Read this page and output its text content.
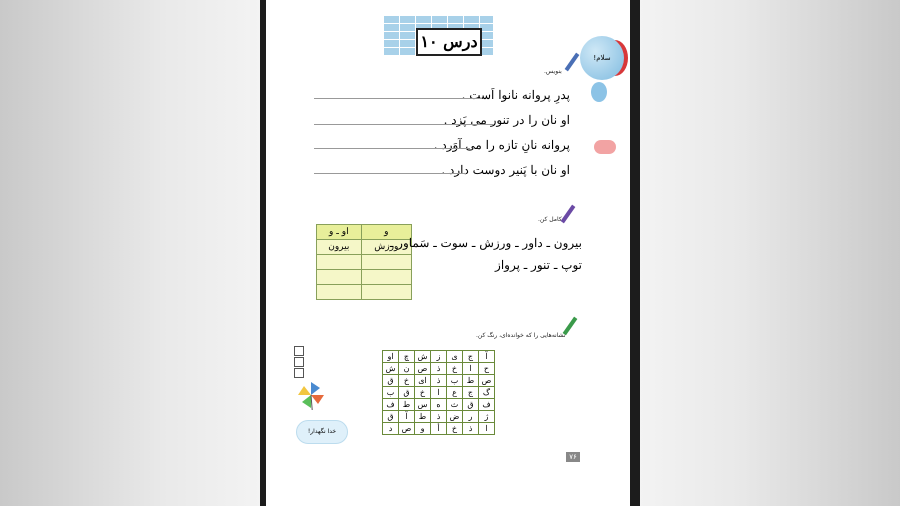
درس ۱۰
سلام!
بنویس.
پدرِ پروانه نانوا اَست .
او نان را در تنور می پَزد .
پروانه نانِ تازه را می آوَرد .
او نان با پَنیر دوست دارد .
کامل کن.
او ـ و	و
بیرون	ورزش

بیرون ـ داور ـ ورزش ـ سوت ـ سَماور ـ
توپ ـ تنور ـ پرواز
نشانه‌هایی را که خوانده‌ای، رنگ کن.
خدا نگهدار!
او	چ	ش	ز	ی	ج	آ
ش	ن	ص	ذ	خ	ا	ح
ق	خ	ای	ذ	ب	ط	ص
ب	ق	خ	ا	ع	ج	گ
ف	ط	س	ه	ث	ق	ف
ق	آ	ط	ذ	ض	ر	ژ
د	ص	و	أ	خ	ذ	ا
۷۶
